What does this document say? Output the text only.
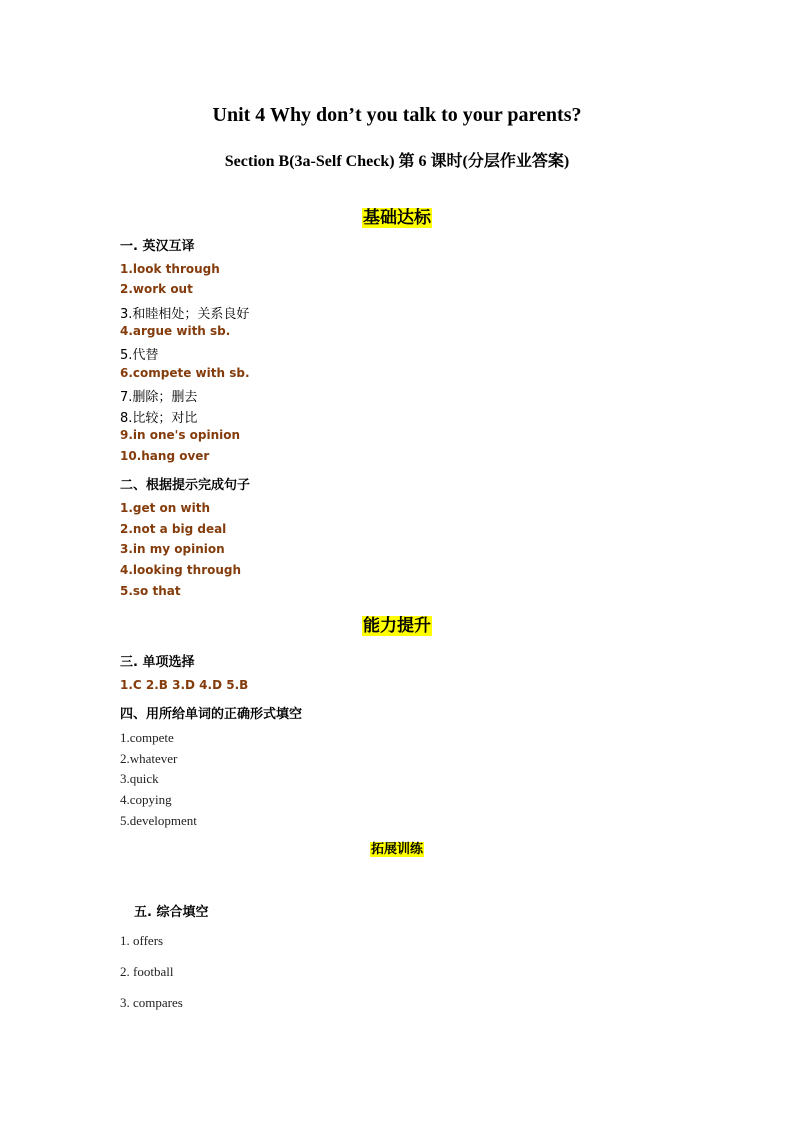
Unit 4 Why don’t you talk to your parents?
Section B(3a-Self Check) 第 6 课时(分层作业答案)
基础达标
一. 英汉互译
1.look through
2.work out
3.和睦相处；关系良好
4.argue with sb.
5.代替
6.compete with sb.
7.删除；删去
8.比较；对比
9.in one's opinion
10.hang over
二、根据提示完成句子
1.get on with
2.not a big deal
3.in my opinion
4.looking through
5.so that
能力提升
三. 单项选择
1.C 2.B 3.D 4.D 5.B
四、用所给单词的正确形式填空
1.compete
2.whatever
3.quick
4.copying
5.development
拓展训练
五. 综合填空
1. offers
2. football
3. compares
